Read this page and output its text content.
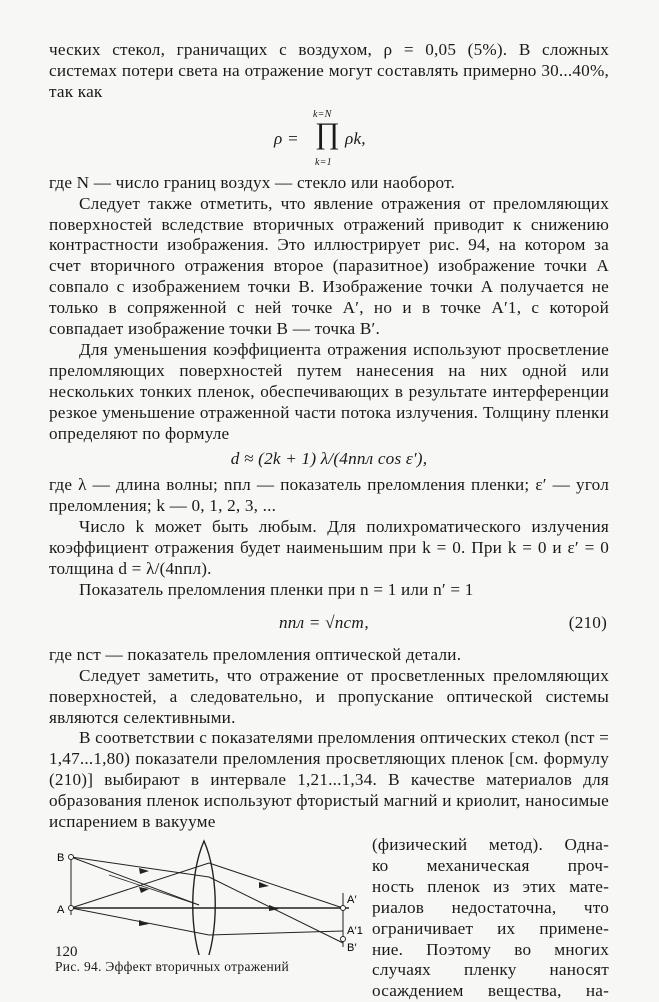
ческих стекол, граничащих с воздухом, ρ = 0,05 (5%). В сложных системах потери света на отражение могут составлять примерно 30...40%, так как

ρ =
k=N
∏
k=1
ρk,

где N — число границ воздух — стекло или наоборот.

Следует также отметить, что явление отражения от преломляющих поверхностей вследствие вторичных отражений приводит к снижению контрастности изображения. Это иллюстрирует рис. 94, на котором за счет вторичного отражения второе (паразитное) изображение точки A совпало с изображением точки B. Изображение точки A получается не только в сопряженной с ней точке A′, но и в точке A′1, с которой совпадает изображение точки B — точка B′.

Для уменьшения коэффициента отражения используют просветление преломляющих поверхностей путем нанесения на них одной или нескольких тонких пленок, обеспечивающих в результате интерференции резкое уменьшение отраженной части потока излучения. Толщину пленки определяют по формуле

d ≈ (2k + 1) λ/(4nпл cos ε′),

где λ — длина волны; nпл — показатель преломления пленки; ε′ — угол преломления; k — 0, 1, 2, 3, ...

Число k может быть любым. Для полихроматического излучения коэффициент отражения будет наименьшим при k = 0. При k = 0 и ε′ = 0 толщина d = λ/(4nпл).

Показатель преломления пленки при n = 1 или n′ = 1

nпл = √nст,	(210)

где nст — показатель преломления оптической детали.

Следует заметить, что отражение от просветленных преломляющих поверхностей, а следовательно, и пропускание оптической системы являются селективными.

В соответствии с показателями преломления оптических стекол (nст = 1,47...1,80) показатели преломления просветляющих пленок [см. формулу (210)] выбирают в интервале 1,21...1,34. В качестве материалов для образования пленок используют фтористый магний и криолит, наносимые испарением в вакууме

B
A
A′
A′1
B′
Рис. 94. Эффект вторичных отражений
(физический метод). Одна-
ко механическая проч-
ность пленок из этих мате-
риалов недостаточна, что
ограничивает их примене-
ние. Поэтому во многих
случаях пленку наносят
осаждением вещества, на-
120
